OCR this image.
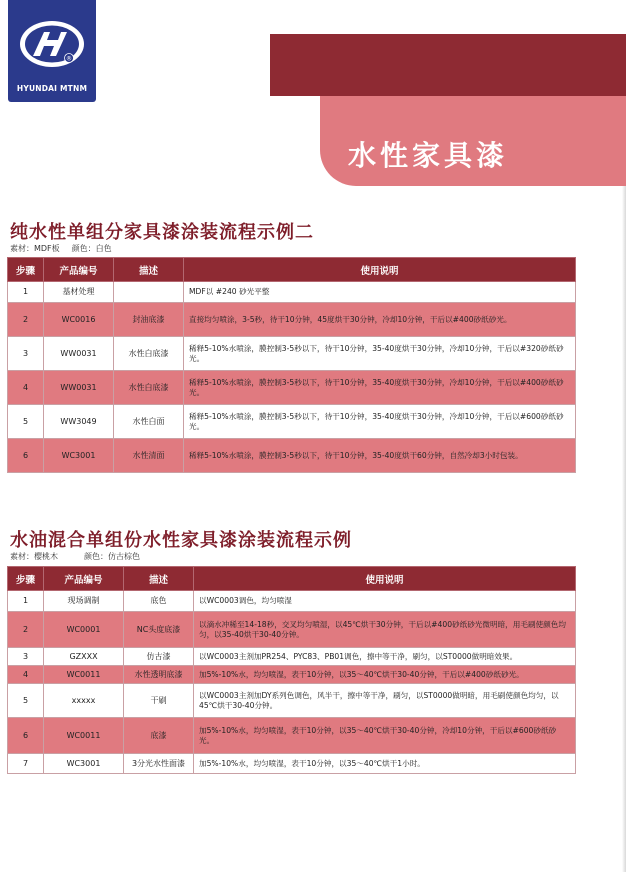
®
HYUNDAI MTNM
水性家具漆
纯水性单组分家具漆涂装流程示例二
素材：MDF板 颜色：白色
步骤	产品编号	描述	使用说明
1	基材处理		MDF以 #240 砂光平整
2	WC0016	封油底漆	直接均匀喷涂，3-5秒，待干10分钟，45度烘干30分钟，冷却10分钟，干后以#400砂纸砂光。
3	WW0031	水性白底漆	稀释5-10%水喷涂，膜控制3-5秒以下，待干10分钟，35-40度烘干30分钟，冷却10分钟，干后以#320砂纸砂光。
4	WW0031	水性白底漆	稀释5-10%水喷涂，膜控制3-5秒以下，待干10分钟，35-40度烘干30分钟，冷却10分钟，干后以#400砂纸砂光。
5	WW3049	水性白面	稀释5-10%水喷涂，膜控制3-5秒以下，待干10分钟，35-40度烘干30分钟，冷却10分钟，干后以#600砂纸砂光。
6	WC3001	水性清面	稀释5-10%水喷涂，膜控制3-5秒以下，待干10分钟，35-40度烘干60分钟，自然冷却3小时包装。
水油混合单组份水性家具漆涂装流程示例
素材：樱桃木	颜色：仿古棕色
步骤	产品编号	描述	使用说明
1	现场调制	底色	以WC0003调色，均匀喷湿
2	WC0001	NC头度底漆	以滴水冲稀至14-18秒，交叉均匀喷湿，以45℃烘干30分钟，干后以#400砂纸砂光微明暗，用毛刷使颜色均匀，以35-40烘干30-40分钟。
3	GZXXX	仿古漆	以WC0003主剂加PR254、PYC83、PB01调色，擦中等干净，刷匀，以ST0000做明暗效果。
4	WC0011	水性透明底漆	加5%-10%水，均匀喷湿，表干10分钟，以35～40℃烘干30-40分钟，干后以#400砂纸砂光。
5	xxxxx	干刷	以WC0003主剂加DY系列色调色，风半干，擦中等干净，刷匀，以ST0000做明暗，用毛刷使颜色均匀，以45℃烘干30-40分钟。
6	WC0011	底漆	加5%-10%水，均匀喷湿，表干10分钟，以35～40℃烘干30-40分钟，冷却10分钟，干后以#600砂纸砂光。
7	WC3001	3分光水性面漆	加5%-10%水，均匀喷湿，表干10分钟，以35～40℃烘干1小时。
